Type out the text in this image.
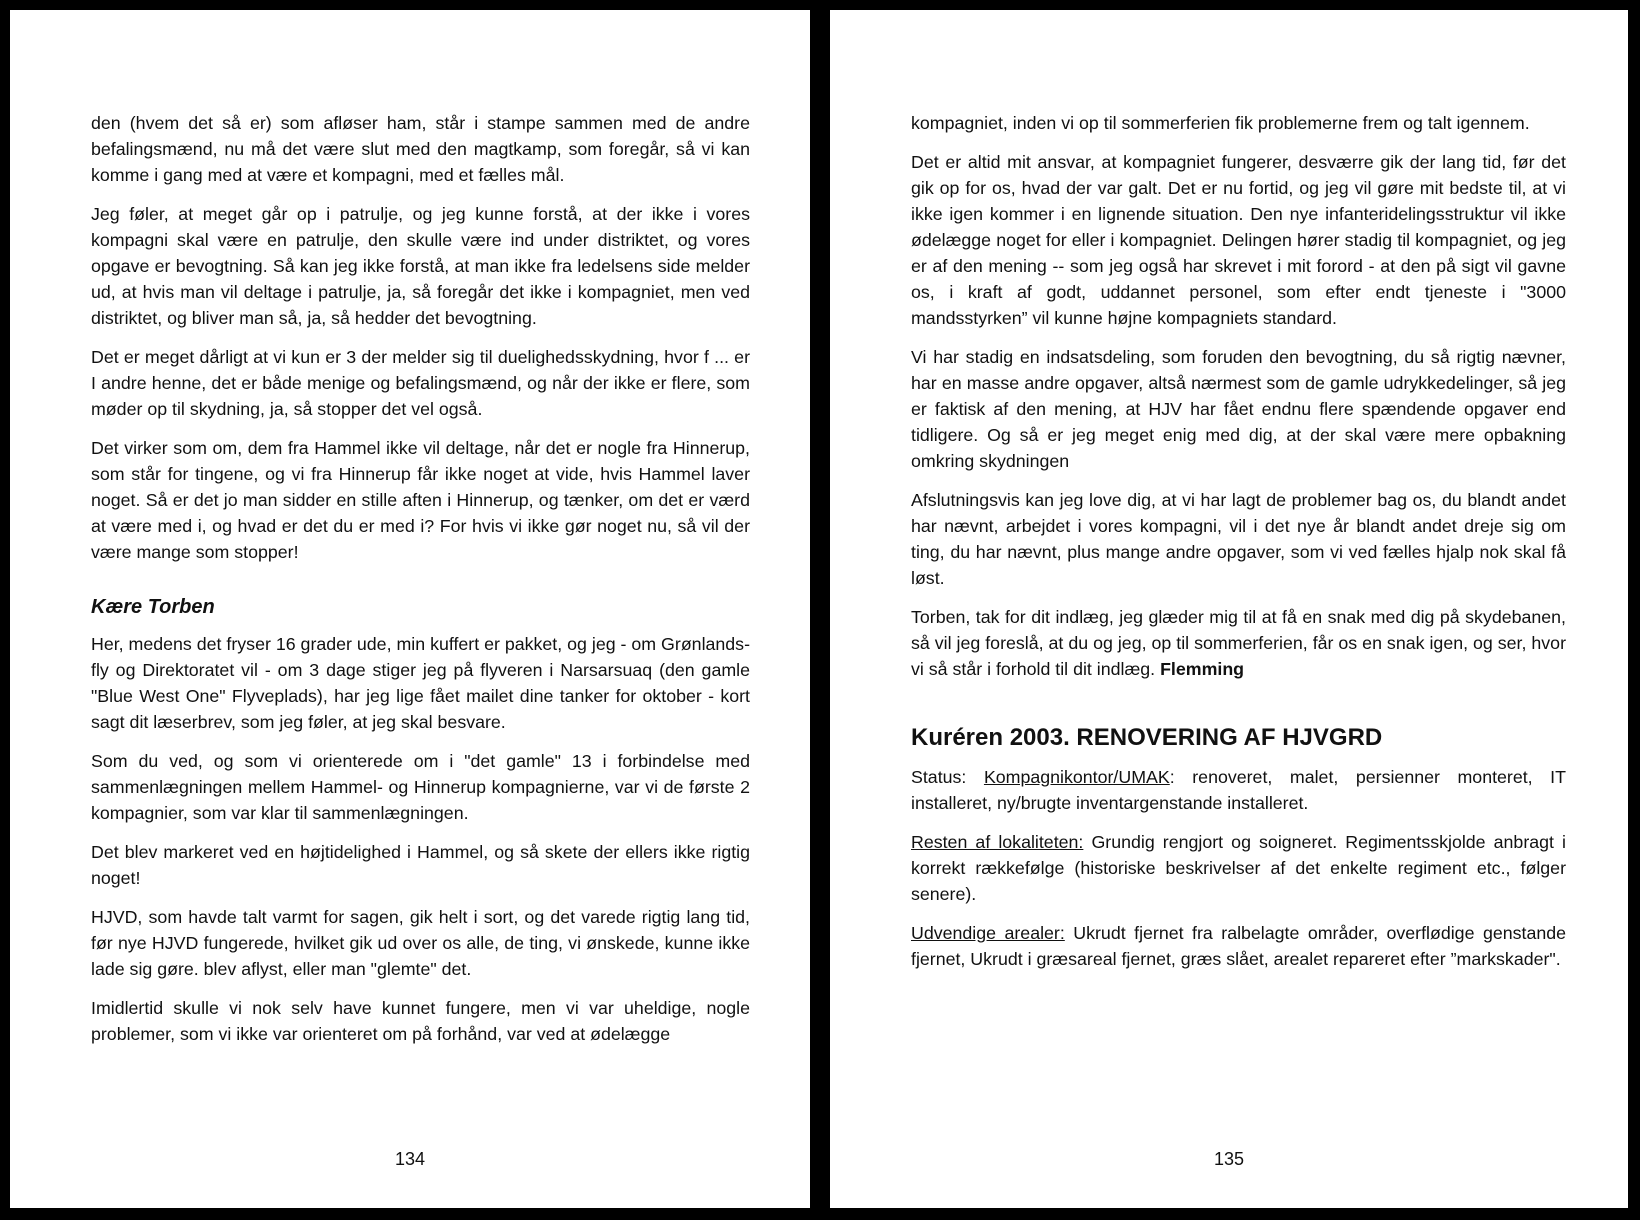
den (hvem det så er) som afløser ham, står i stampe sammen med de andre befalingsmænd, nu må det være slut med den magtkamp, som foregår, så vi kan komme i gang med at være et kompagni, med et fælles mål.

Jeg føler, at meget går op i patrulje, og jeg kunne forstå, at der ikke i vores kompagni skal være en patrulje, den skulle være ind under distriktet, og vores opgave er bevogtning. Så kan jeg ikke forstå, at man ikke fra ledelsens side melder ud, at hvis man vil deltage i patrulje, ja, så foregår det ikke i kompagniet, men ved distriktet, og bliver man så, ja, så hedder det bevogtning.

Det er meget dårligt at vi kun er 3 der melder sig til duelighedsskydning, hvor f ... er I andre henne, det er både menige og befalingsmænd, og når der ikke er flere, som møder op til skydning, ja, så stopper det vel også.

Det virker som om, dem fra Hammel ikke vil deltage, når det er nogle fra Hinnerup, som står for tingene, og vi fra Hinnerup får ikke noget at vide, hvis Hammel laver noget. Så er det jo man sidder en stille aften i Hinnerup, og tænker, om det er værd at være med i, og hvad er det du er med i? For hvis vi ikke gør noget nu, så vil der være mange som stopper!

Kære Torben

Her, medens det fryser 16 grader ude, min kuffert er pakket, og jeg - om Grønlands-fly og Direktoratet vil - om 3 dage stiger jeg på flyveren i Narsarsuaq (den gamle "Blue West One" Flyveplads), har jeg lige fået mailet dine tanker for oktober - kort sagt dit læserbrev, som jeg føler, at jeg skal besvare.

Som du ved, og som vi orienterede om i "det gamle" 13 i forbindelse med sammenlægningen mellem Hammel- og Hinnerup kompagnierne, var vi de første 2 kompagnier, som var klar til sammenlægningen.

Det blev markeret ved en højtidelighed i Hammel, og så skete der ellers ikke rigtig noget!

HJVD, som havde talt varmt for sagen, gik helt i sort, og det varede rigtig lang tid, før nye HJVD fungerede, hvilket gik ud over os alle, de ting, vi ønskede, kunne ikke lade sig gøre. blev aflyst, eller man "glemte" det.

Imidlertid skulle vi nok selv have kunnet fungere, men vi var uheldige, nogle problemer, som vi ikke var orienteret om på forhånd, var ved at ødelægge

134

kompagniet, inden vi op til sommerferien fik problemerne frem og talt igennem.

Det er altid mit ansvar, at kompagniet fungerer, desværre gik der lang tid, før det gik op for os, hvad der var galt. Det er nu fortid, og jeg vil gøre mit bedste til, at vi ikke igen kommer i en lignende situation. Den nye infanteridelingsstruktur vil ikke ødelægge noget for eller i kompagniet. Delingen hører stadig til kompagniet, og jeg er af den mening -- som jeg også har skrevet i mit forord - at den på sigt vil gavne os, i kraft af godt, uddannet personel, som efter endt tjeneste i "3000 mandsstyrken” vil kunne højne kompagniets standard.

Vi har stadig en indsatsdeling, som foruden den bevogtning, du så rigtig nævner, har en masse andre opgaver, altså nærmest som de gamle udrykkedelinger, så jeg er faktisk af den mening, at HJV har fået endnu flere spændende opgaver end tidligere. Og så er jeg meget enig med dig, at der skal være mere opbakning omkring skydningen

Afslutningsvis kan jeg love dig, at vi har lagt de problemer bag os, du blandt andet har nævnt, arbejdet i vores kompagni, vil i det nye år blandt andet dreje sig om ting, du har nævnt, plus mange andre opgaver, som vi ved fælles hjalp nok skal få løst.

Torben, tak for dit indlæg, jeg glæder mig til at få en snak med dig på skydebanen, så vil jeg foreslå, at du og jeg, op til sommerferien, får os en snak igen, og ser, hvor vi så står i forhold til dit indlæg. Flemming

Kuréren 2003. RENOVERING AF HJVGRD

Status: Kompagnikontor/UMAK: renoveret, malet, persienner monteret, IT installeret, ny/brugte inventargenstande installeret.

Resten af lokaliteten: Grundig rengjort og soigneret. Regimentsskjolde anbragt i korrekt rækkefølge (historiske beskrivelser af det enkelte regiment etc., følger senere).

Udvendige arealer: Ukrudt fjernet fra ralbelagte områder, overflødige genstande fjernet, Ukrudt i græsareal fjernet, græs slået, arealet repareret efter ”markskader".

135
